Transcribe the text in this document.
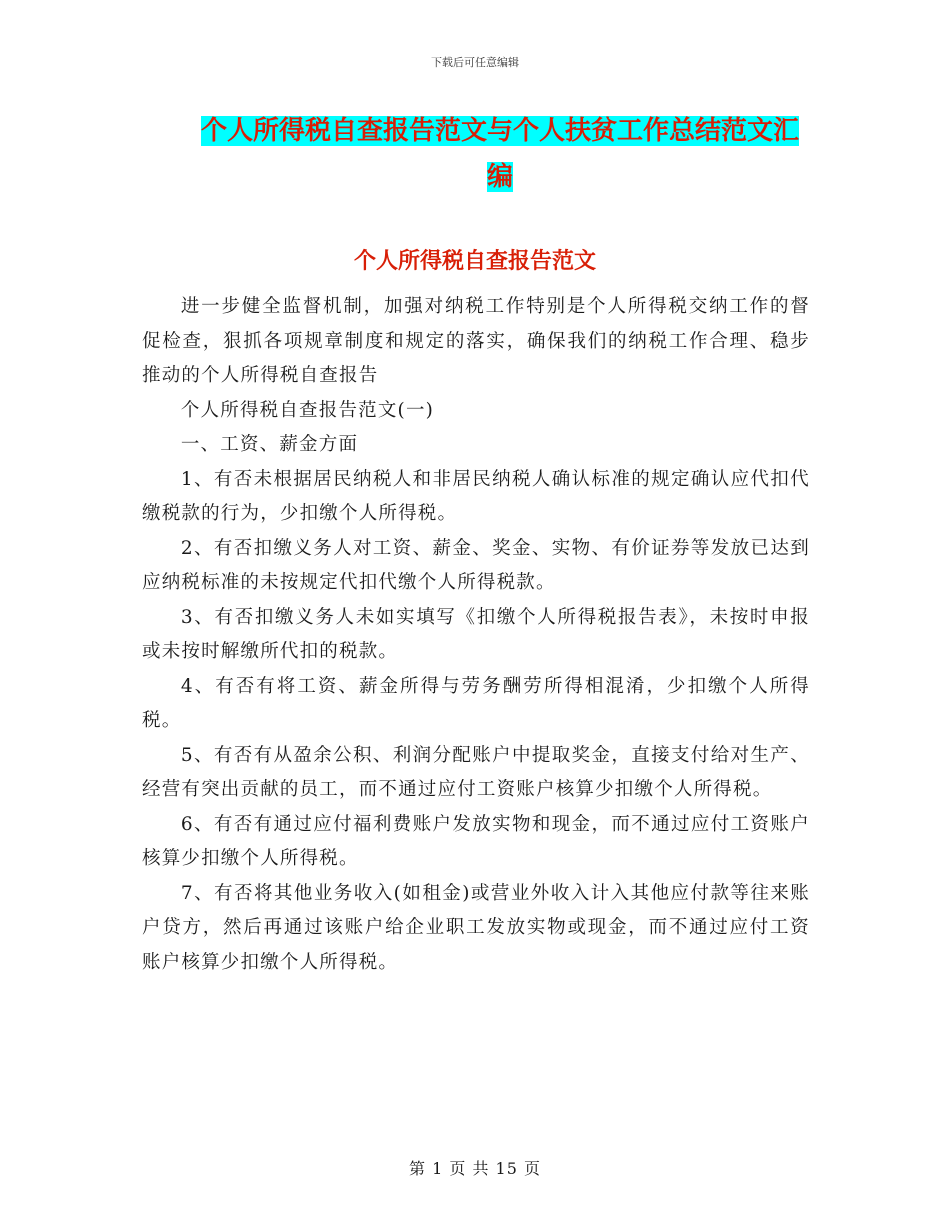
下载后可任意编辑
个人所得税自查报告范文与个人扶贫工作总结范文汇编
个人所得税自查报告范文

进一步健全监督机制，加强对纳税工作特别是个人所得税交纳工作的督促检查，狠抓各项规章制度和规定的落实，确保我们的纳税工作合理、稳步推动的个人所得税自查报告

个人所得税自查报告范文(一)

一、工资、薪金方面

1、有否未根据居民纳税人和非居民纳税人确认标准的规定确认应代扣代缴税款的行为，少扣缴个人所得税。

2、有否扣缴义务人对工资、薪金、奖金、实物、有价证券等发放已达到应纳税标准的未按规定代扣代缴个人所得税款。

3、有否扣缴义务人未如实填写《扣缴个人所得税报告表》，未按时申报或未按时解缴所代扣的税款。

4、有否有将工资、薪金所得与劳务酬劳所得相混淆，少扣缴个人所得税。

5、有否有从盈余公积、利润分配账户中提取奖金，直接支付给对生产、经营有突出贡献的员工，而不通过应付工资账户核算少扣缴个人所得税。

6、有否有通过应付福利费账户发放实物和现金，而不通过应付工资账户核算少扣缴个人所得税。

7、有否将其他业务收入(如租金)或营业外收入计入其他应付款等往来账户贷方，然后再通过该账户给企业职工发放实物或现金，而不通过应付工资账户核算少扣缴个人所得税。

第 1 页 共 15 页
